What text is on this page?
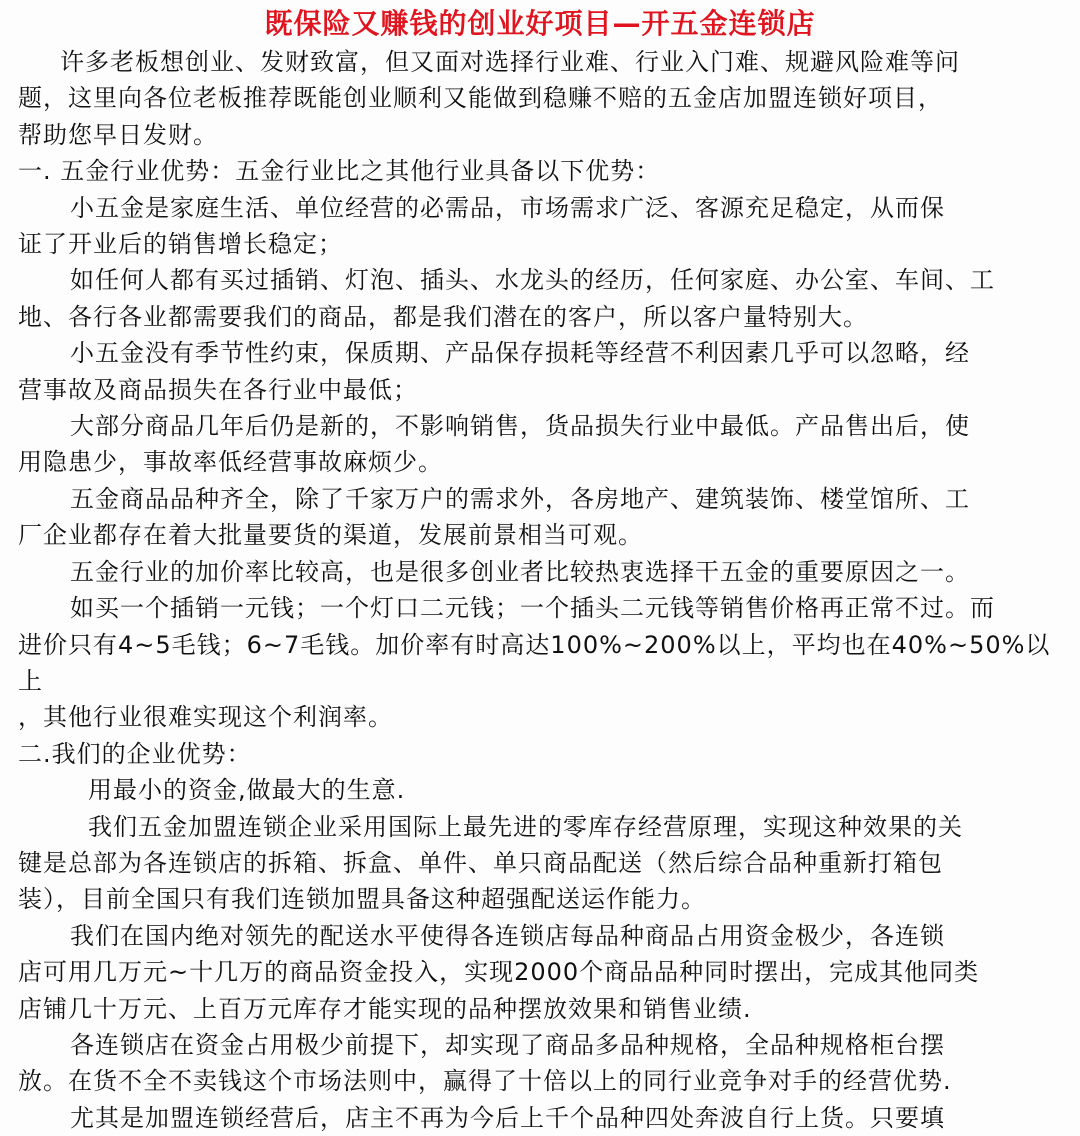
既保险又赚钱的创业好项目—开五金连锁店
许多老板想创业、发财致富，但又面对选择行业难、行业入门难、规避风险难等问
题，这里向各位老板推荐既能创业顺利又能做到稳赚不赔的五金店加盟连锁好项目，
帮助您早日发财。
一. 五金行业优势：五金行业比之其他行业具备以下优势：
小五金是家庭生活、单位经营的必需品，市场需求广泛、客源充足稳定，从而保
证了开业后的销售增长稳定；
如任何人都有买过插销、灯泡、插头、水龙头的经历，任何家庭、办公室、车间、工
地、各行各业都需要我们的商品，都是我们潜在的客户，所以客户量特别大。
小五金没有季节性约束，保质期、产品保存损耗等经营不利因素几乎可以忽略，经
营事故及商品损失在各行业中最低；
大部分商品几年后仍是新的，不影响销售，货品损失行业中最低。产品售出后，使
用隐患少，事故率低经营事故麻烦少。
五金商品品种齐全，除了千家万户的需求外，各房地产、建筑装饰、楼堂馆所、工
厂企业都存在着大批量要货的渠道，发展前景相当可观。
五金行业的加价率比较高，也是很多创业者比较热衷选择干五金的重要原因之一。
如买一个插销一元钱；一个灯口二元钱；一个插头二元钱等销售价格再正常不过。而
进价只有4~5毛钱；6~7毛钱。加价率有时高达100%~200%以上，平均也在40%~50%以上
，其他行业很难实现这个利润率。
二.我们的企业优势：
用最小的资金,做最大的生意.
我们五金加盟连锁企业采用国际上最先进的零库存经营原理，实现这种效果的关
键是总部为各连锁店的拆箱、拆盒、单件、单只商品配送（然后综合品种重新打箱包
装），目前全国只有我们连锁加盟具备这种超强配送运作能力。
我们在国内绝对领先的配送水平使得各连锁店每品种商品占用资金极少，各连锁
店可用几万元~十几万的商品资金投入，实现2000个商品品种同时摆出，完成其他同类
店铺几十万元、上百万元库存才能实现的品种摆放效果和销售业绩.
各连锁店在资金占用极少前提下，却实现了商品多品种规格，全品种规格柜台摆
放。在货不全不卖钱这个市场法则中，赢得了十倍以上的同行业竞争对手的经营优势.
尤其是加盟连锁经营后，店主不再为今后上千个品种四处奔波自行上货。只要填
